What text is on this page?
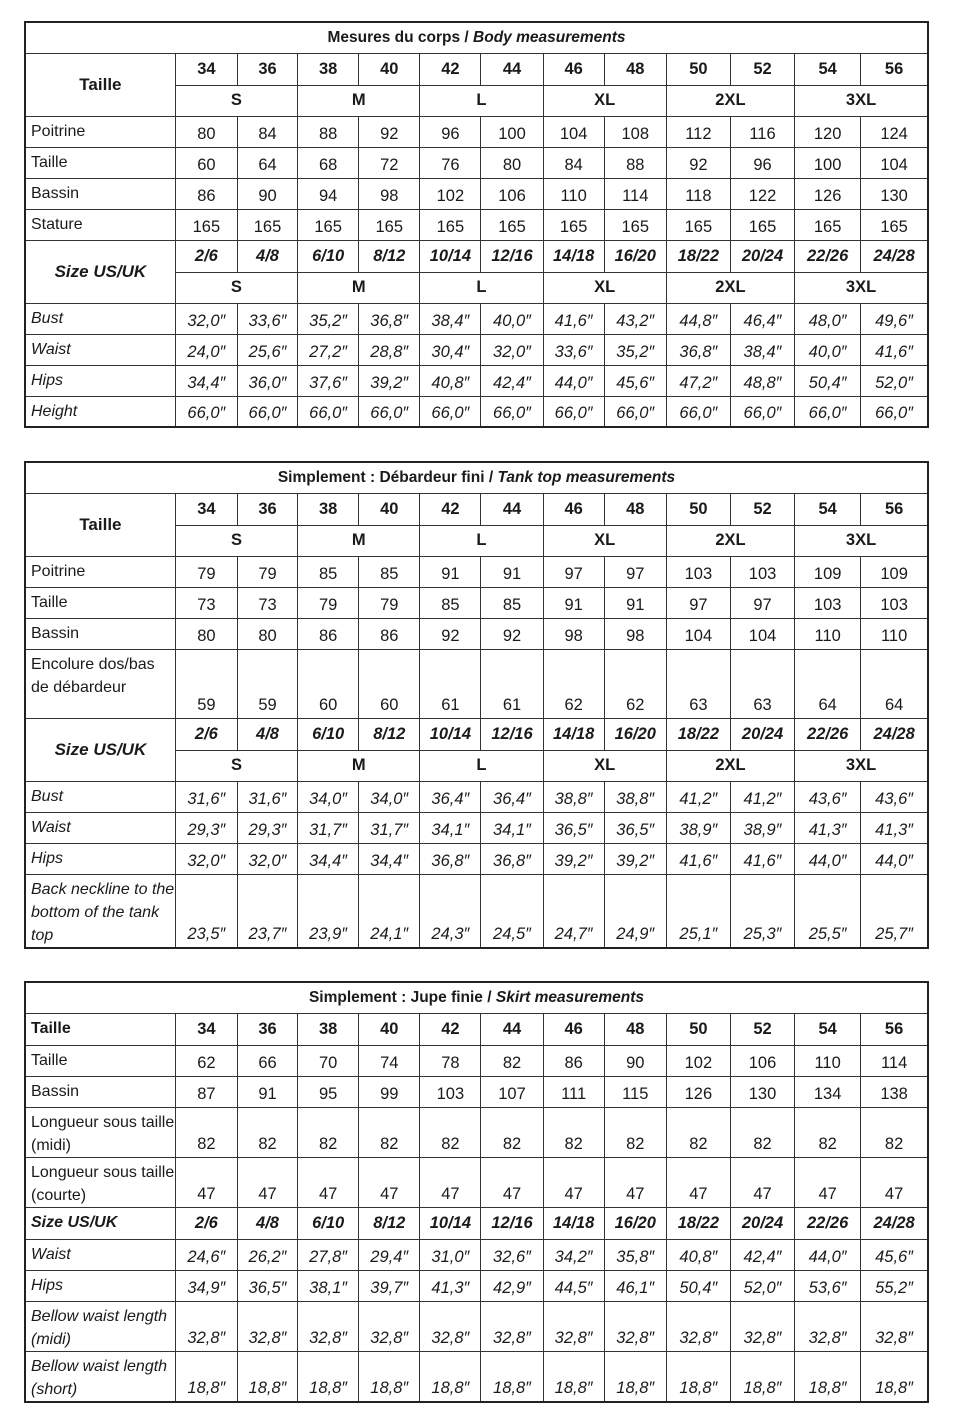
Mesures du corps / Body measurements												
Taille	34	36	38	40	42	44	46	48	50	52	54	56
	S		M		L		XL		2XL		3XL	
Poitrine	80	84	88	92	96	100	104	108	112	116	120	124
Taille	60	64	68	72	76	80	84	88	92	96	100	104
Bassin	86	90	94	98	102	106	110	114	118	122	126	130
Stature	165	165	165	165	165	165	165	165	165	165	165	165
Size US/UK	2/6	4/8	6/10	8/12	10/14	12/16	14/18	16/20	18/22	20/24	22/26	24/28
	S		M		L		XL		2XL		3XL	
Bust	32,0″	33,6″	35,2″	36,8″	38,4″	40,0″	41,6″	43,2″	44,8″	46,4″	48,0″	49,6″
Waist	24,0″	25,6″	27,2″	28,8″	30,4″	32,0″	33,6″	35,2″	36,8″	38,4″	40,0″	41,6″
Hips	34,4″	36,0″	37,6″	39,2″	40,8″	42,4″	44,0″	45,6″	47,2″	48,8″	50,4″	52,0″
Height	66,0″	66,0″	66,0″	66,0″	66,0″	66,0″	66,0″	66,0″	66,0″	66,0″	66,0″	66,0″
Simplement : Débardeur fini / Tank top measurements												
Taille	34	36	38	40	42	44	46	48	50	52	54	56
	S		M		L		XL		2XL		3XL	
Poitrine	79	79	85	85	91	91	97	97	103	103	109	109
Taille	73	73	79	79	85	85	91	91	97	97	103	103
Bassin	80	80	86	86	92	92	98	98	104	104	110	110
Encolure dos/bas de débardeur	59	59	60	60	61	61	62	62	63	63	64	64
Size US/UK	2/6	4/8	6/10	8/12	10/14	12/16	14/18	16/20	18/22	20/24	22/26	24/28
	S		M		L		XL		2XL		3XL	
Bust	31,6″	31,6″	34,0″	34,0″	36,4″	36,4″	38,8″	38,8″	41,2″	41,2″	43,6″	43,6″
Waist	29,3″	29,3″	31,7″	31,7″	34,1″	34,1″	36,5″	36,5″	38,9″	38,9″	41,3″	41,3″
Hips	32,0″	32,0″	34,4″	34,4″	36,8″	36,8″	39,2″	39,2″	41,6″	41,6″	44,0″	44,0″
Back neckline to the bottom of the tank top	23,5″	23,7″	23,9″	24,1″	24,3″	24,5″	24,7″	24,9″	25,1″	25,3″	25,5″	25,7″
Simplement : Jupe finie / Skirt measurements												
Taille	34	36	38	40	42	44	46	48	50	52	54	56
Taille	62	66	70	74	78	82	86	90	102	106	110	114
Bassin	87	91	95	99	103	107	111	115	126	130	134	138
Longueur sous taille (midi)	82	82	82	82	82	82	82	82	82	82	82	82
Longueur sous taille (courte)	47	47	47	47	47	47	47	47	47	47	47	47
Size US/UK	2/6	4/8	6/10	8/12	10/14	12/16	14/18	16/20	18/22	20/24	22/26	24/28
Waist	24,6″	26,2″	27,8″	29,4″	31,0″	32,6″	34,2″	35,8″	40,8″	42,4″	44,0″	45,6″
Hips	34,9″	36,5″	38,1″	39,7″	41,3″	42,9″	44,5″	46,1″	50,4″	52,0″	53,6″	55,2″
Bellow waist length (midi)	32,8″	32,8″	32,8″	32,8″	32,8″	32,8″	32,8″	32,8″	32,8″	32,8″	32,8″	32,8″
Bellow waist length (short)	18,8″	18,8″	18,8″	18,8″	18,8″	18,8″	18,8″	18,8″	18,8″	18,8″	18,8″	18,8″
